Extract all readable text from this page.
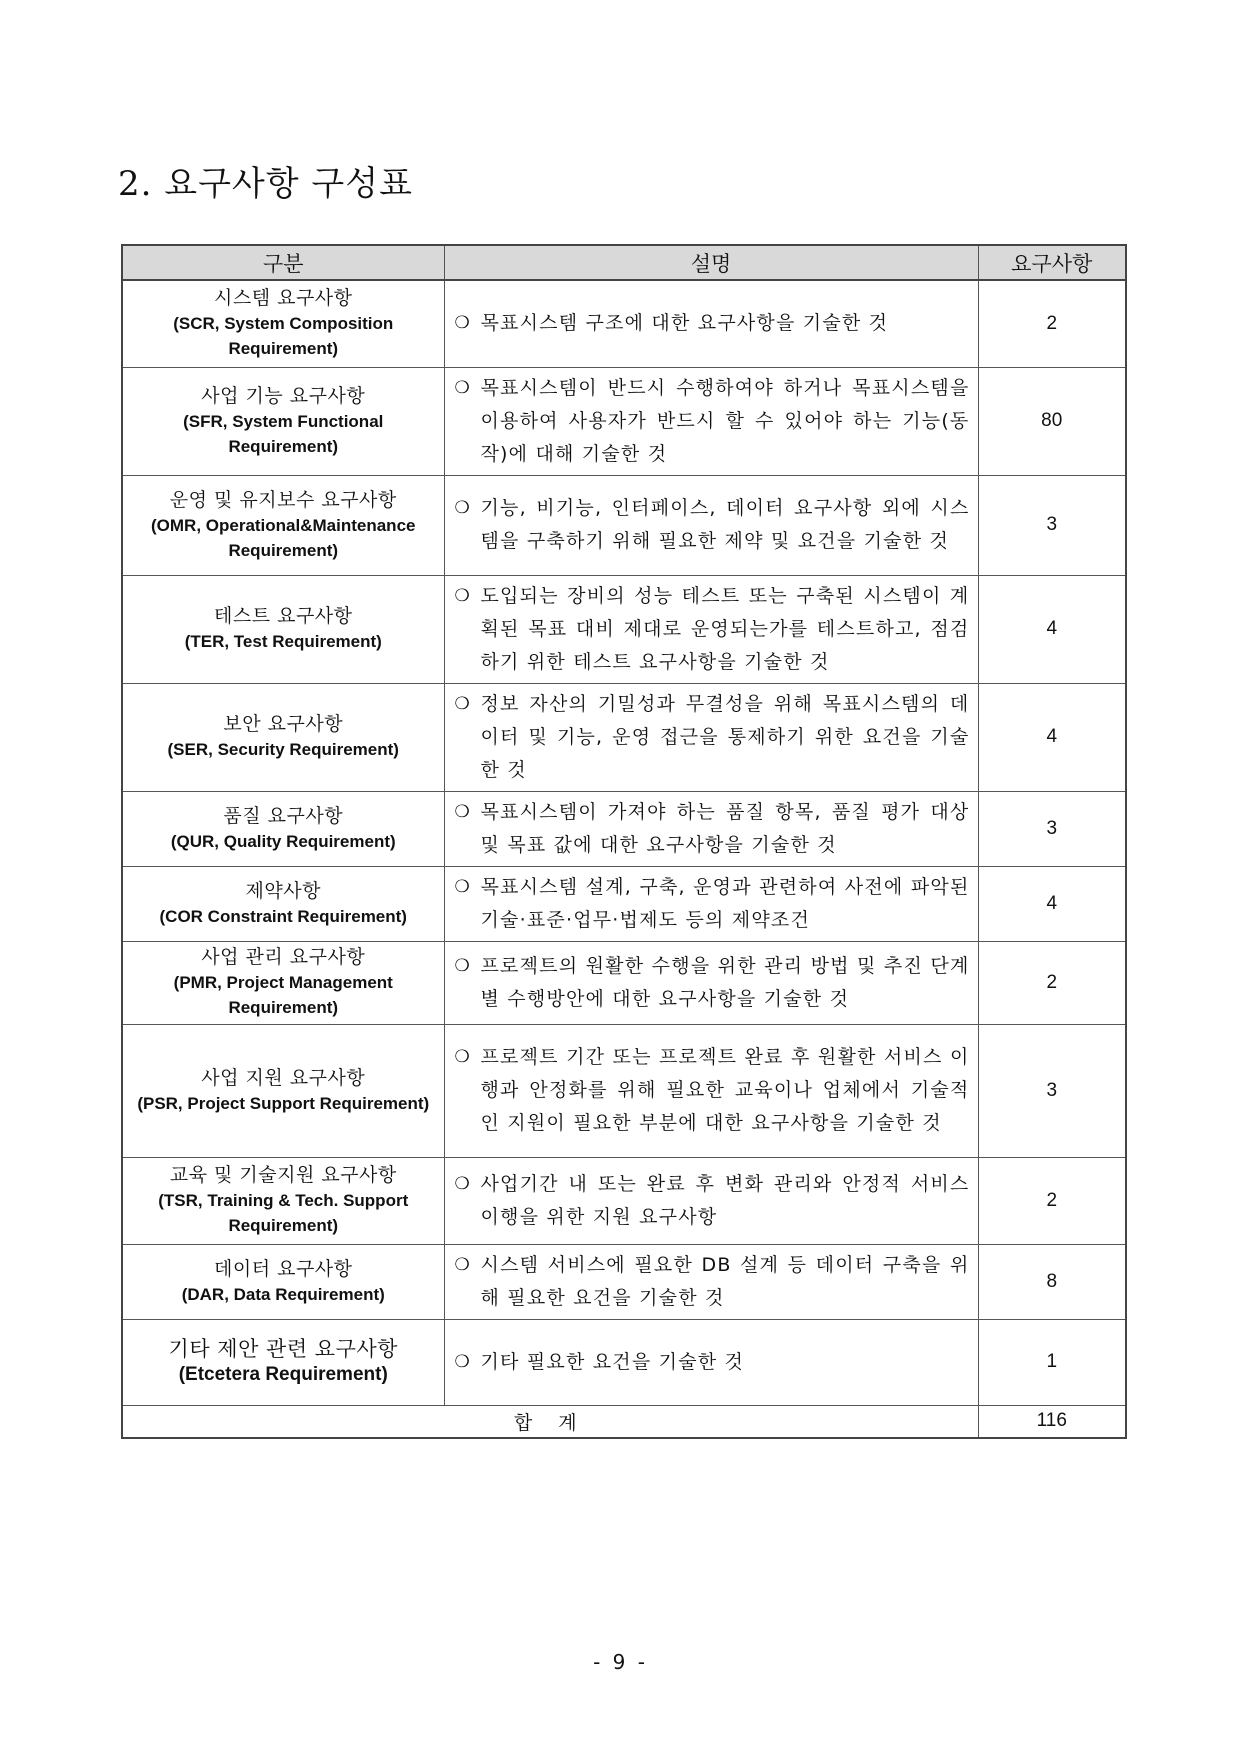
2. 요구사항 구성표
구분	설명	요구사항

시스템 요구사항
(SCR, System Composition Requirement)	❍ 목표시스템 구조에 대한 요구사항을 기술한 것	2

사업 기능 요구사항
(SFR, System Functional Requirement)	❍ 목표시스템이 반드시 수행하여야 하거나 목표시스템을 이용하여 사용자가 반드시 할 수 있어야 하는 기능(동작)에 대해 기술한 것	80

운영 및 유지보수 요구사항
(OMR, Operational&Maintenance Requirement)	❍ 기능, 비기능, 인터페이스, 데이터 요구사항 외에 시스템을 구축하기 위해 필요한 제약 및 요건을 기술한 것	3

테스트 요구사항
(TER, Test Requirement)	❍ 도입되는 장비의 성능 테스트 또는 구축된 시스템이 계획된 목표 대비 제대로 운영되는가를 테스트하고, 점검하기 위한 테스트 요구사항을 기술한 것	4

보안 요구사항
(SER, Security Requirement)	❍ 정보 자산의 기밀성과 무결성을 위해 목표시스템의 데이터 및 기능, 운영 접근을 통제하기 위한 요건을 기술한 것	4

품질 요구사항
(QUR, Quality Requirement)	❍ 목표시스템이 가져야 하는 품질 항목, 품질 평가 대상 및 목표 값에 대한 요구사항을 기술한 것	3

제약사항
(COR Constraint Requirement)	❍ 목표시스템 설계, 구축, 운영과 관련하여 사전에 파악된 기술·표준·업무·법제도 등의 제약조건	4

사업 관리 요구사항
(PMR, Project Management Requirement)	❍ 프로젝트의 원활한 수행을 위한 관리 방법 및 추진 단계별 수행방안에 대한 요구사항을 기술한 것	2

사업 지원 요구사항
(PSR, Project Support Requirement)	❍ 프로젝트 기간 또는 프로젝트 완료 후 원활한 서비스 이행과 안정화를 위해 필요한 교육이나 업체에서 기술적인 지원이 필요한 부분에 대한 요구사항을 기술한 것	3

교육 및 기술지원 요구사항
(TSR, Training & Tech. Support Requirement)	❍ 사업기간 내 또는 완료 후 변화 관리와 안정적 서비스 이행을 위한 지원 요구사항	2

데이터 요구사항
(DAR, Data Requirement)	❍ 시스템 서비스에 필요한 DB 설계 등 데이터 구축을 위해 필요한 요건을 기술한 것	8

기타 제안 관련 요구사항
(Etcetera Requirement)	❍ 기타 필요한 요건을 기술한 것	1
합 계		116
- 9 -
